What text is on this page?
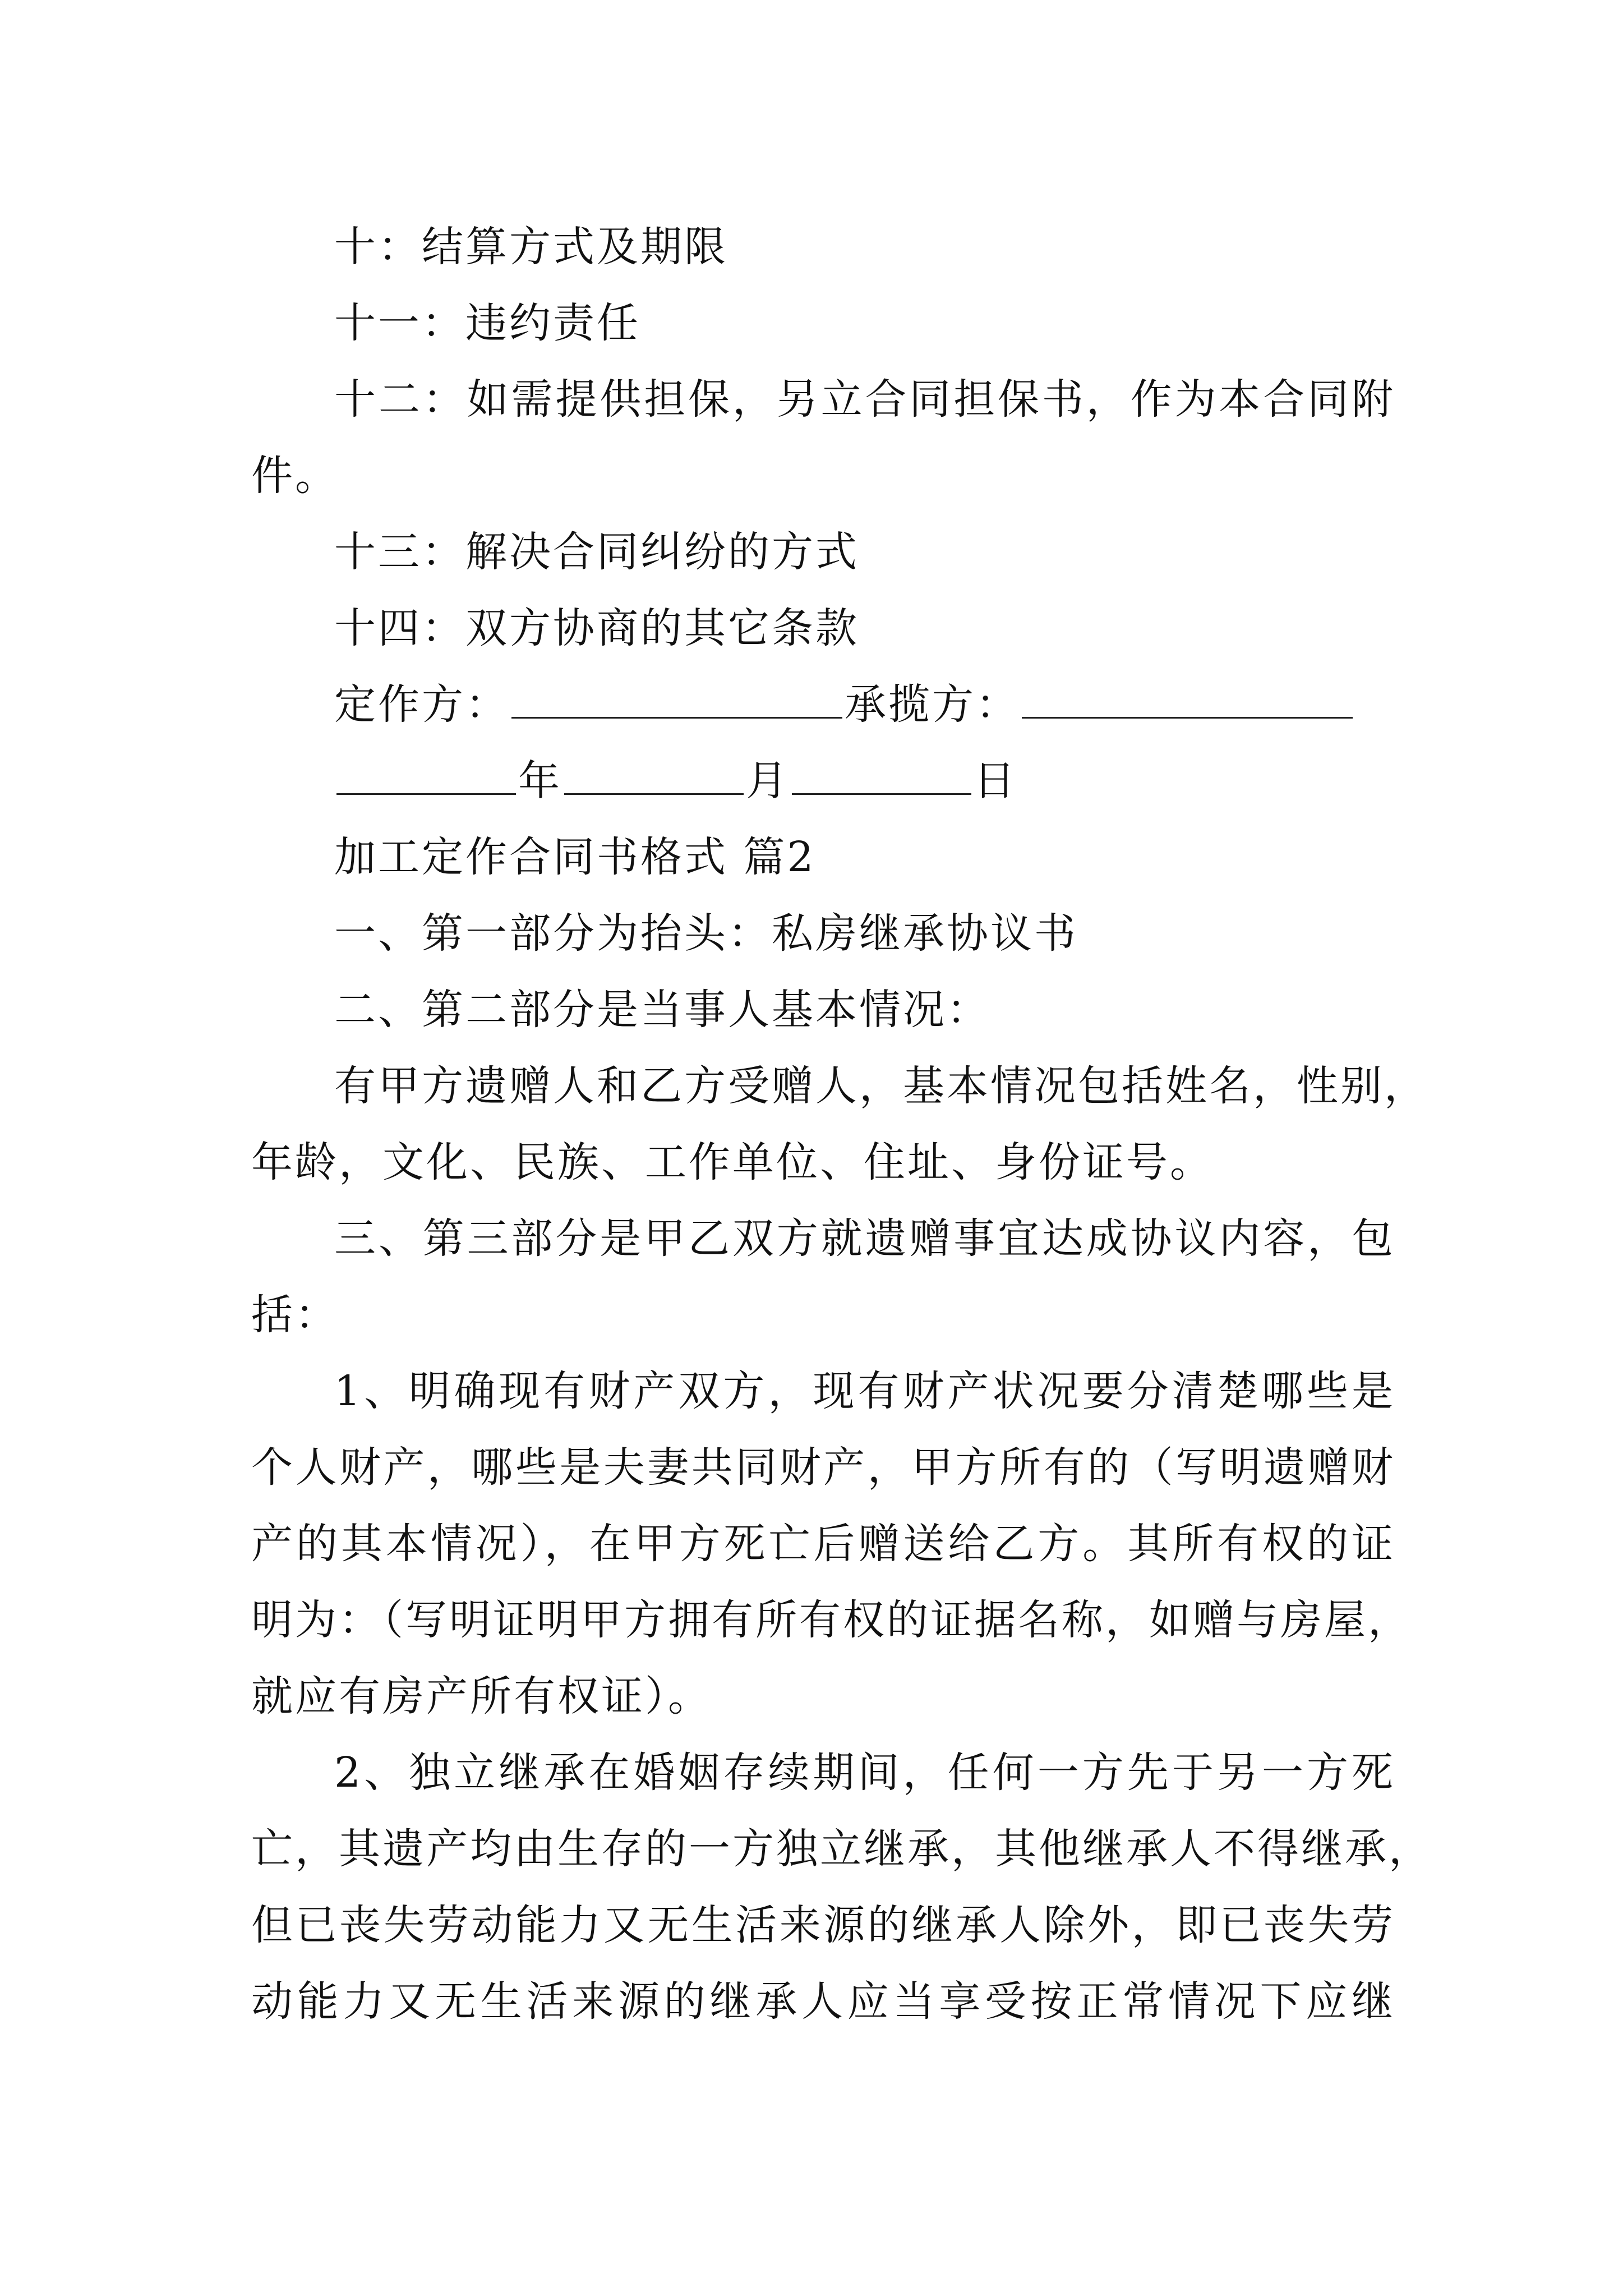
十：结算方式及期限
十一：违约责任
十二：如需提供担保，另立合同担保书，作为本合同附
件。
十三：解决合同纠纷的方式
十四：双方协商的其它条款
定作方：	承揽方：
年	月	日
加工定作合同书格式 篇2
一、第一部分为抬头：私房继承协议书
二、第二部分是当事人基本情况：
有甲方遗赠人和乙方受赠人，基本情况包括姓名，性别，
年龄，文化、民族、工作单位、住址、身份证号。
三、第三部分是甲乙双方就遗赠事宜达成协议内容，包
括：
1、明确现有财产双方，现有财产状况要分清楚哪些是
个人财产，哪些是夫妻共同财产，甲方所有的（写明遗赠财
产的其本情况），在甲方死亡后赠送给乙方。其所有权的证
明为：（写明证明甲方拥有所有权的证据名称，如赠与房屋，
就应有房产所有权证）。
2、独立继承在婚姻存续期间，任何一方先于另一方死
亡，其遗产均由生存的一方独立继承，其他继承人不得继承，
但已丧失劳动能力又无生活来源的继承人除外，即已丧失劳
动能力又无生活来源的继承人应当享受按正常情况下应继
